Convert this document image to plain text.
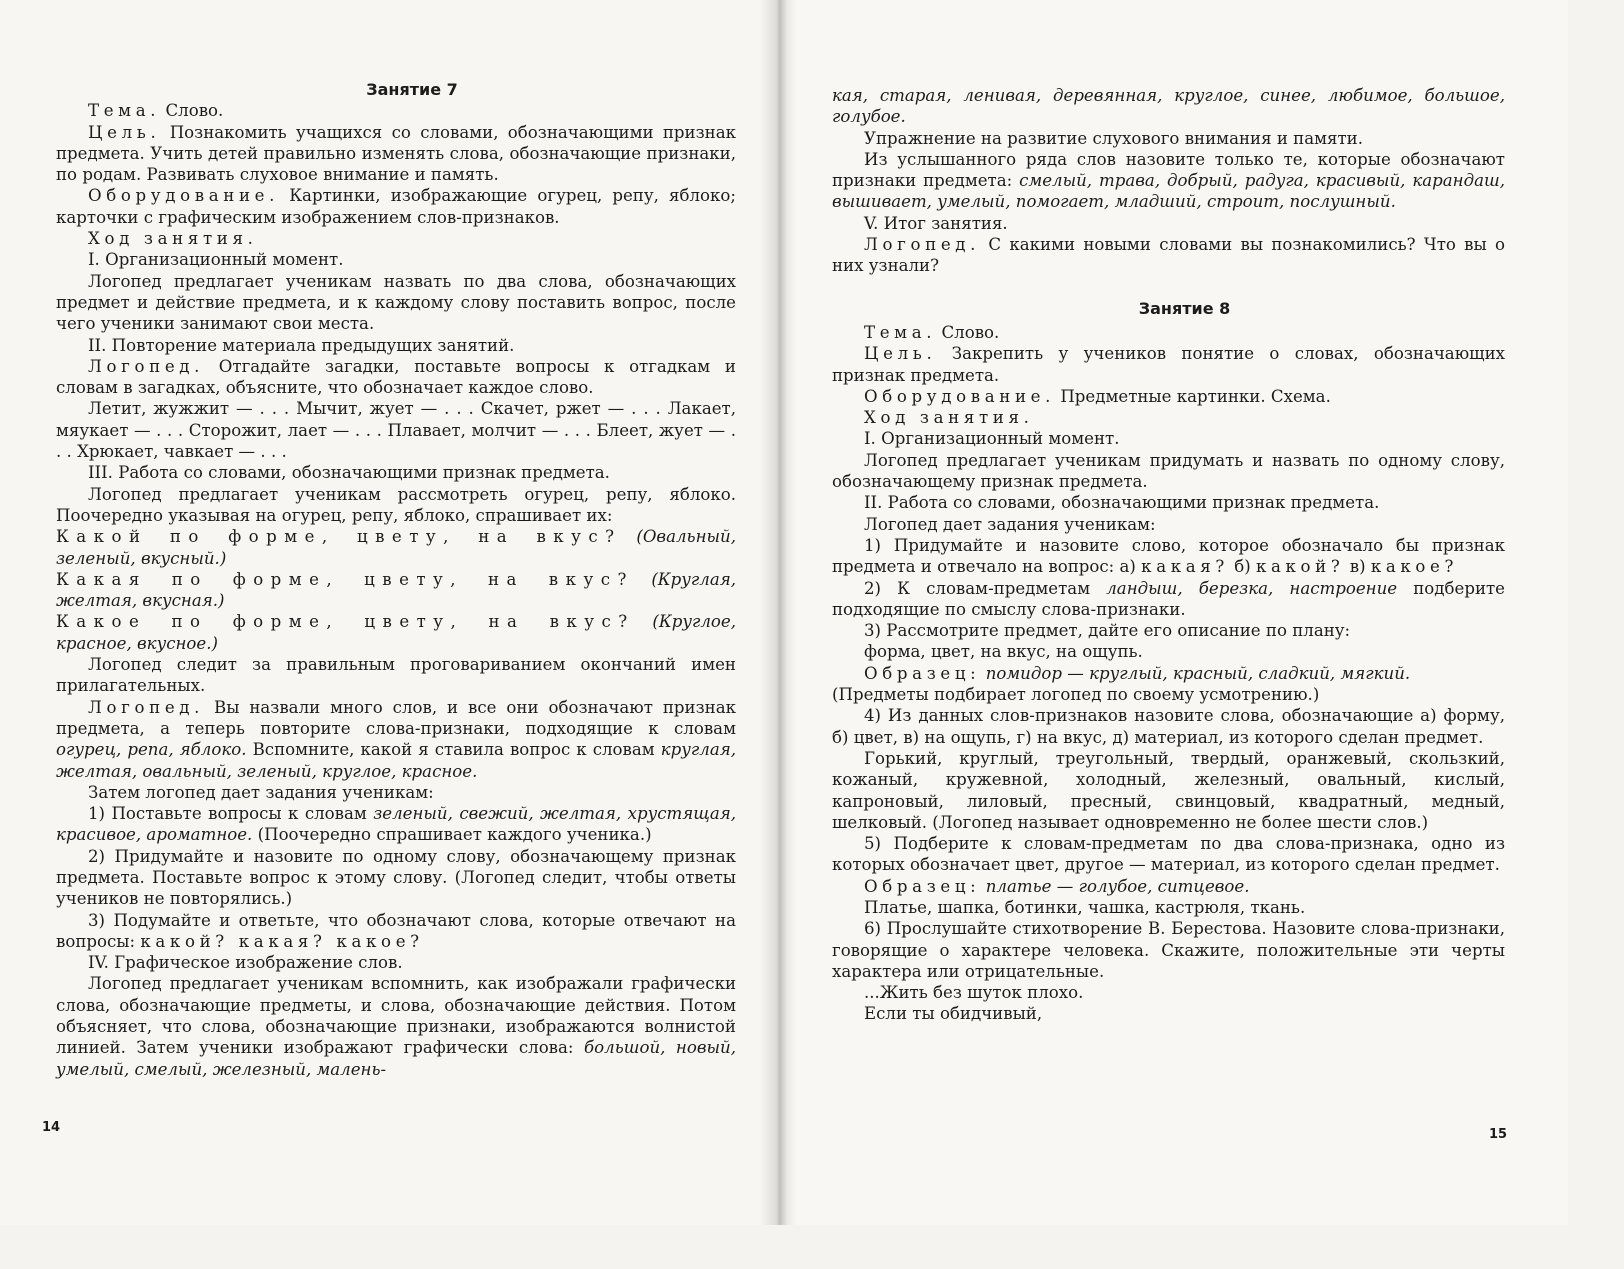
Занятие 7

Тема. Слово.

Цель. Познакомить учащихся со словами, обозначающими признак предмета. Учить детей правильно изменять слова, обозначающие признаки, по родам. Развивать слуховое внимание и память.

Оборудование. Картинки, изображающие огурец, репу, яблоко; карточки с графическим изображением слов-признаков.

Ход занятия.

I. Организационный момент.

Логопед предлагает ученикам назвать по два слова, обозначающих предмет и действие предмета, и к каждому слову поставить вопрос, после чего ученики занимают свои места.

II. Повторение материала предыдущих занятий.

Логопед. Отгадайте загадки, поставьте вопросы к отгадкам и словам в загадках, объясните, что обозначает каждое слово.

Летит, жужжит — . . . Мычит, жует — . . . Скачет, ржет — . . . Лакает, мяукает — . . . Сторожит, лает — . . . Плавает, молчит — . . . Блеет, жует — . . . Хрюкает, чавкает — . . .

III. Работа со словами, обозначающими признак предмета.

Логопед предлагает ученикам рассмотреть огурец, репу, яблоко. Поочередно указывая на огурец, репу, яблоко, спрашивает их:

Какой по форме, цвету, на вкус? (Овальный, зеленый, вкусный.)

Какая по форме, цвету, на вкус? (Круглая, желтая, вкусная.)

Какое по форме, цвету, на вкус? (Круглое, красное, вкусное.)

Логопед следит за правильным проговариванием окончаний имен прилагательных.

Логопед. Вы назвали много слов, и все они обозначают признак предмета, а теперь повторите слова-признаки, подходящие к словам огурец, репа, яблоко. Вспомните, какой я ставила вопрос к словам круглая, желтая, овальный, зеленый, круглое, красное.

Затем логопед дает задания ученикам:

1) Поставьте вопросы к словам зеленый, свежий, желтая, хрустящая, красивое, ароматное. (Поочередно спрашивает каждого ученика.)

2) Придумайте и назовите по одному слову, обозначающему признак предмета. Поставьте вопрос к этому слову. (Логопед следит, чтобы ответы учеников не повторялись.)

3) Подумайте и ответьте, что обозначают слова, которые отвечают на вопросы: какой? какая? какое?

IV. Графическое изображение слов.

Логопед предлагает ученикам вспомнить, как изображали графически слова, обозначающие предметы, и слова, обозначающие действия. Потом объясняет, что слова, обозначающие признаки, изображаются волнистой линией. Затем ученики изображают графически слова: большой, новый, умелый, смелый, железный, малень-

14

кая, старая, ленивая, деревянная, круглое, синее, любимое, большое, голубое.

Упражнение на развитие слухового внимания и памяти.

Из услышанного ряда слов назовите только те, которые обозначают признаки предмета: смелый, трава, добрый, радуга, красивый, карандаш, вышивает, умелый, помогает, младший, строит, послушный.

V. Итог занятия.

Логопед. С какими новыми словами вы познакомились? Что вы о них узнали?

Занятие 8

Тема. Слово.

Цель. Закрепить у учеников понятие о словах, обозначающих признак предмета.

Оборудование. Предметные картинки. Схема.

Ход занятия.

I. Организационный момент.

Логопед предлагает ученикам придумать и назвать по одному слову, обозначающему признак предмета.

II. Работа со словами, обозначающими признак предмета.

Логопед дает задания ученикам:

1) Придумайте и назовите слово, которое обозначало бы признак предмета и отвечало на вопрос: а) какая? б) какой? в) какое?

2) К словам-предметам ландыш, березка, настроение подберите подходящие по смыслу слова-признаки.

3) Рассмотрите предмет, дайте его описание по плану:

форма, цвет, на вкус, на ощупь.

Образец: помидор — круглый, красный, сладкий, мягкий.

(Предметы подбирает логопед по своему усмотрению.)

4) Из данных слов-признаков назовите слова, обозначающие а) форму, б) цвет, в) на ощупь, г) на вкус, д) материал, из которого сделан предмет.

Горький, круглый, треугольный, твердый, оранжевый, скользкий, кожаный, кружевной, холодный, железный, овальный, кислый, капроновый, лиловый, пресный, свинцовый, квадратный, медный, шелковый. (Логопед называет одновременно не более шести слов.)

5) Подберите к словам-предметам по два слова-признака, одно из которых обозначает цвет, другое — материал, из которого сделан предмет.

Образец: платье — голубое, ситцевое.

Платье, шапка, ботинки, чашка, кастрюля, ткань.

6) Прослушайте стихотворение В. Берестова. Назовите слова-признаки, говорящие о характере человека. Скажите, положительные эти черты характера или отрицательные.

...Жить без шуток плохо.

Если ты обидчивый,

15
